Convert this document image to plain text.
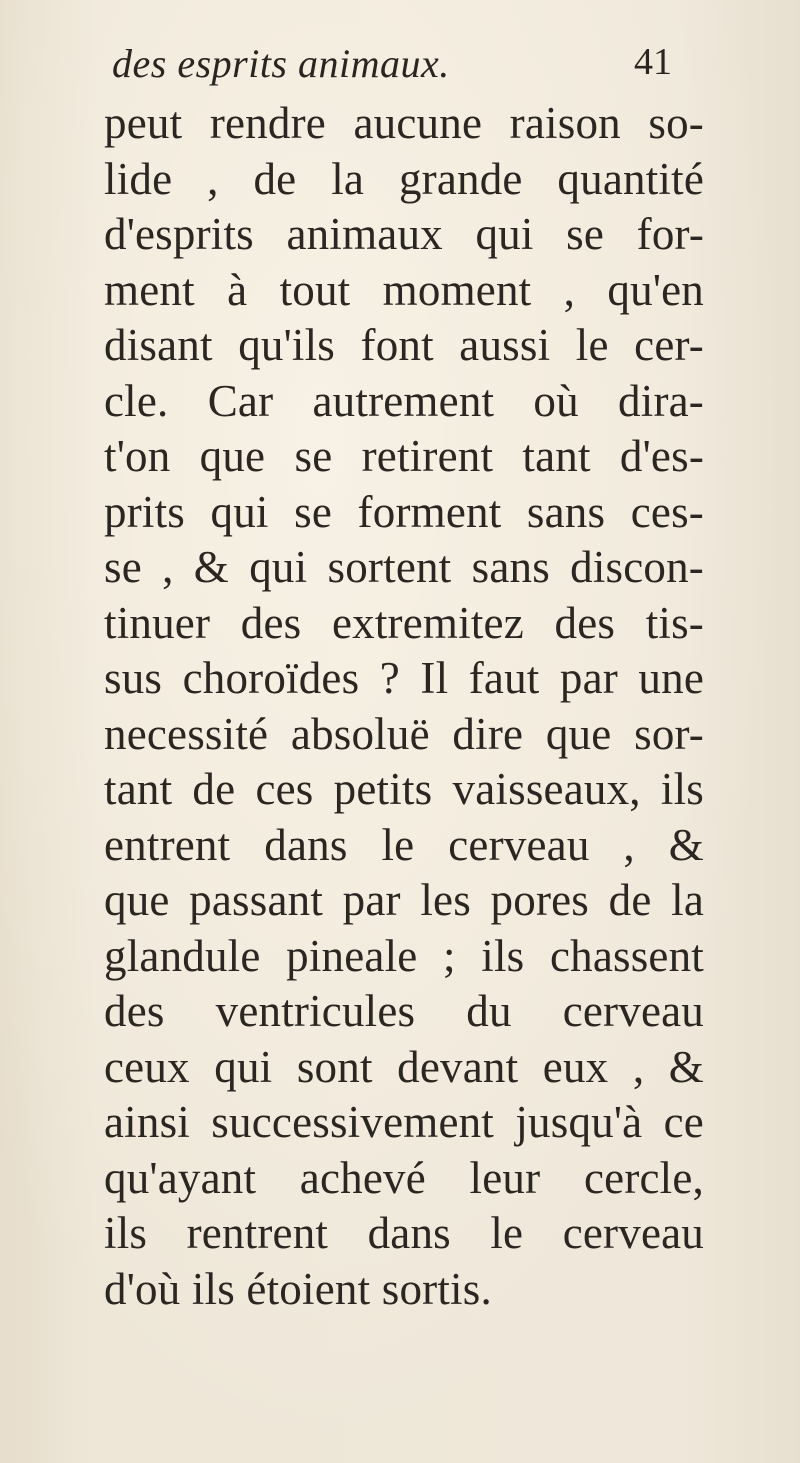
des esprits animaux.	41
peut rendre aucune raison so-
lide , de la grande quantité
d'esprits animaux qui se for-
ment à tout moment , qu'en
disant qu'ils font aussi le cer-
cle. Car autrement où dira-
t'on que se retirent tant d'es-
prits qui se forment sans ces-
se , & qui sortent sans discon-
tinuer des extremitez des tis-
sus choroïdes ? Il faut par une
necessité absoluë dire que sor-
tant de ces petits vaisseaux, ils
entrent dans le cerveau , &
que passant par les pores de la
glandule pineale ; ils chassent
des ventricules du cerveau
ceux qui sont devant eux , &
ainsi successivement jusqu'à ce
qu'ayant achevé leur cercle,
ils rentrent dans le cerveau
d'où ils étoient sortis.
